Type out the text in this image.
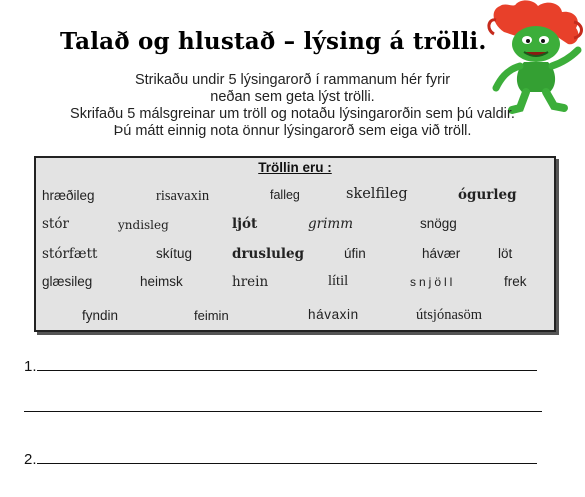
Talað og hlustað – lýsing á trölli.
Strikaðu undir 5 lýsingarorð í rammanum hér fyrir
neðan sem geta lýst trölli.
Skrifaðu 5 málsgreinar um tröll og notaðu lýsingarorðin sem þú valdir.
Þú mátt einnig nota önnur lýsingarorð sem eiga við tröll.
Tröllin eru :
hræðileg	risavaxin	falleg	skelfileg	ógurleg
stór	yndisleg	ljót	grimm	snögg
stórfætt	skítug	drusluleg	úfin	hávær	löt
glæsileg	heimsk	hrein	lítil	snjöll	frek
fyndin	feimin	hávaxin	útsjónasöm
1.
2.
